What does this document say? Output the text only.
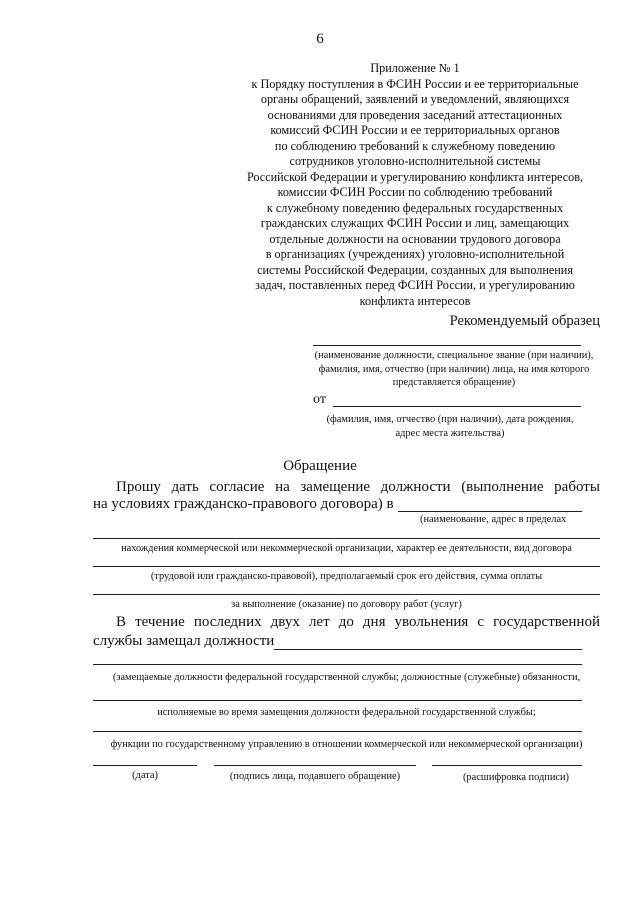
6
Приложение № 1
к Порядку поступления в ФСИН России и ее территориальные
органы обращений, заявлений и уведомлений, являющихся
основаниями для проведения заседаний аттестационных
комиссий ФСИН России и ее территориальных органов
по соблюдению требований к служебному поведению
сотрудников уголовно-исполнительной системы
Российской Федерации и урегулированию конфликта интересов,
комиссии ФСИН России по соблюдению требований
к служебному поведению федеральных государственных
гражданских служащих ФСИН России и лиц, замещающих
отдельные должности на основании трудового договора
в организациях (учреждениях) уголовно-исполнительной
системы Российской Федерации, созданных для выполнения
задач, поставленных перед ФСИН России, и урегулированию
конфликта интересов
Рекомендуемый образец
(наименование должности, специальное звание (при наличии),
фамилия, имя, отчество (при наличии) лица, на имя которого
представляется обращение)
от
(фамилия, имя, отчество (при наличии), дата рождения,
адрес места жительства)
Обращение
Прошу дать согласие на замещение должности (выполнение работы
на условиях гражданско-правового договора) в
(наименование, адрес в пределах
нахождения коммерческой или некоммерческой организации, характер ее деятельности, вид договора
(трудовой или гражданско-правовой), предполагаемый срок его действия, сумма оплаты
за выполнение (оказание) по договору работ (услуг)
В течение последних двух лет до дня увольнения с государственной
службы замещал должности
(замещаемые должности федеральной государственной службы; должностные (служебные) обязанности,
исполняемые во время замещения должности федеральной государственной службы;
функции по государственному управлению в отношении коммерческой или некоммерческой организации)
(дата)	(подпись лица, подавшего обращение)	(расшифровка подписи)
